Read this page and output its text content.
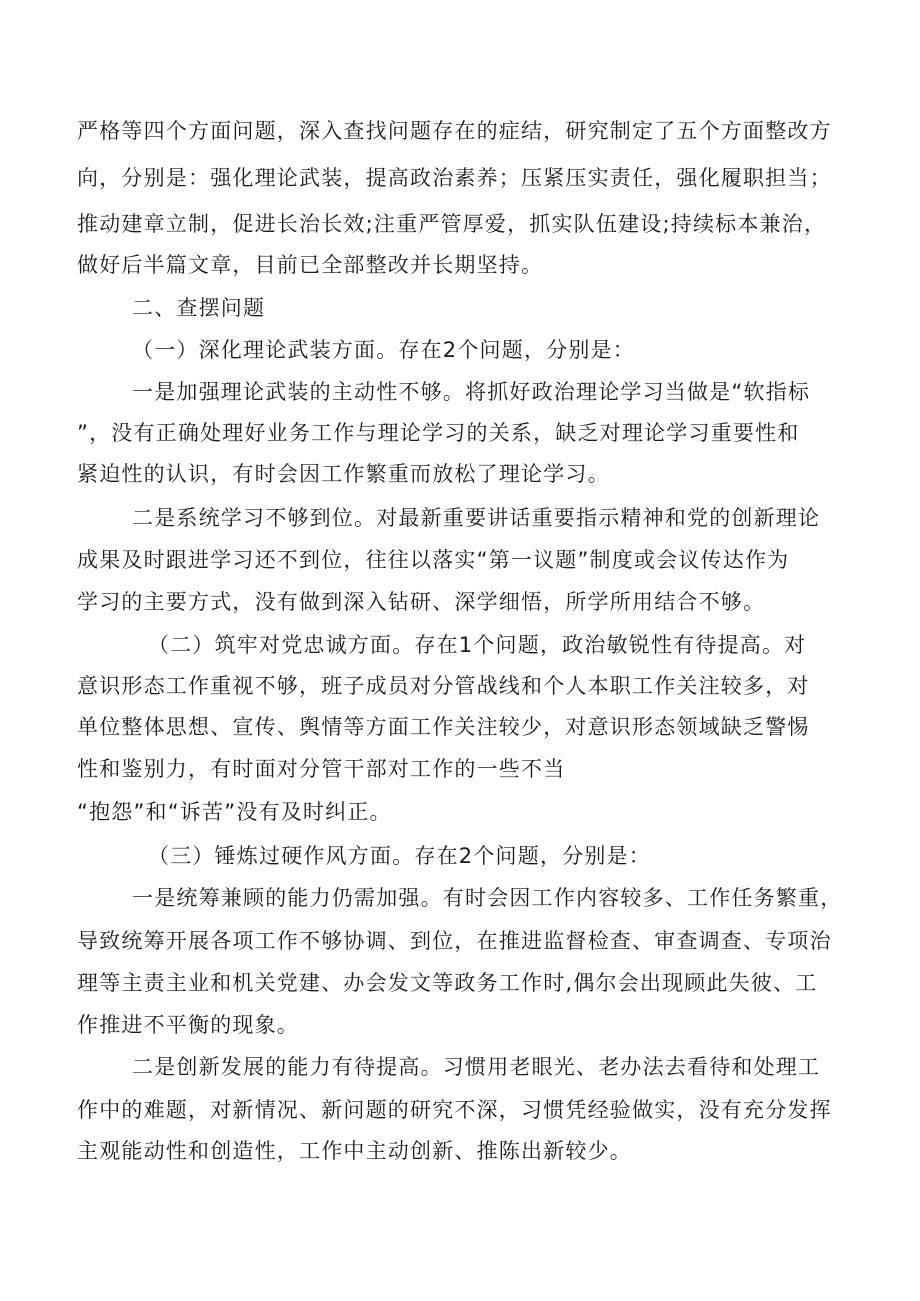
严格等四个方面问题，深入查找问题存在的症结，研究制定了五个方面整改方
向，分别是：强化理论武装，提高政治素养；压紧压实责任，强化履职担当；
推动建章立制，促进长治长效;注重严管厚爱，抓实队伍建设;持续标本兼治，
做好后半篇文章，目前已全部整改并长期坚持。
二、查摆问题
（一）深化理论武装方面。存在2个问题，分别是：
一是加强理论武装的主动性不够。将抓好政治理论学习当做是“软指标
”，没有正确处理好业务工作与理论学习的关系，缺乏对理论学习重要性和
紧迫性的认识，有时会因工作繁重而放松了理论学习。
二是系统学习不够到位。对最新重要讲话重要指示精神和党的创新理论
成果及时跟进学习还不到位，往往以落实“第一议题”制度或会议传达作为
学习的主要方式，没有做到深入钻研、深学细悟，所学所用结合不够。
（二）筑牢对党忠诚方面。存在1个问题，政治敏锐性有待提高。对
意识形态工作重视不够，班子成员对分管战线和个人本职工作关注较多，对
单位整体思想、宣传、舆情等方面工作关注较少，对意识形态领域缺乏警惕
性和鉴别力，有时面对分管干部对工作的一些不当
“抱怨”和“诉苦”没有及时纠正。
（三）锤炼过硬作风方面。存在2个问题，分别是：
一是统筹兼顾的能力仍需加强。有时会因工作内容较多、工作任务繁重，
导致统筹开展各项工作不够协调、到位，在推进监督检查、审查调查、专项治
理等主责主业和机关党建、办会发文等政务工作时,偶尔会出现顾此失彼、工
作推进不平衡的现象。
二是创新发展的能力有待提高。习惯用老眼光、老办法去看待和处理工
作中的难题，对新情况、新问题的研究不深，习惯凭经验做实，没有充分发挥
主观能动性和创造性，工作中主动创新、推陈出新较少。
